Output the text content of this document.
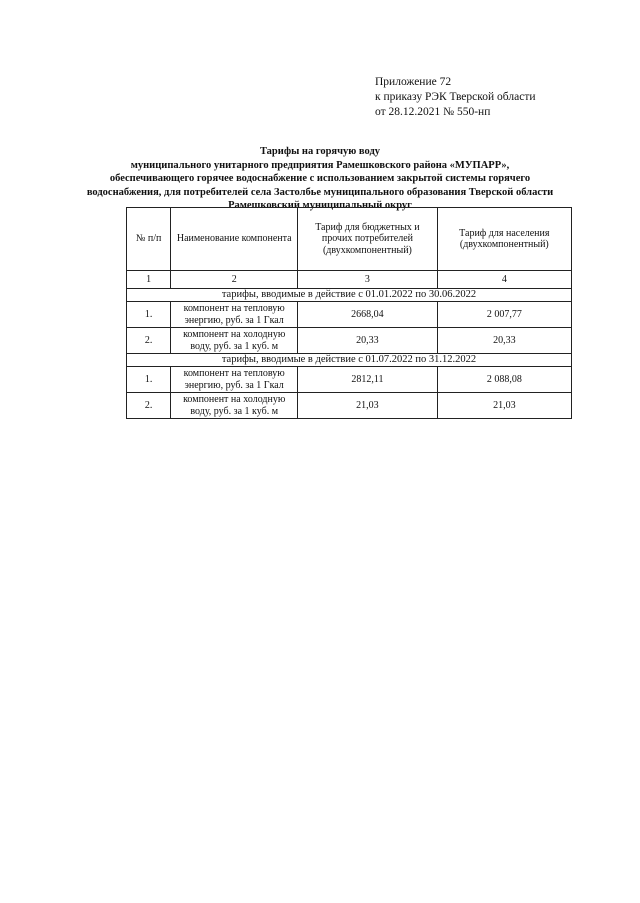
Приложение 72
к приказу РЭК Тверской области
от 28.12.2021 № 550-нп
Тарифы на горячую воду
муниципального унитарного предприятия Рамешковского района «МУПАРР»,
обеспечивающего горячее водоснабжение с использованием закрытой системы горячего
водоснабжения, для потребителей села Застолбье муниципального образования Тверской области
Рамешковский муниципальный округ
№ п/п	Наименование компонента	Тариф для бюджетных и прочих потребителей (двухкомпонентный)	Тариф для населения (двухкомпонентный)
1	2	3	4
тарифы, вводимые в действие с 01.01.2022 по 30.06.2022			
1.	компонент на тепловую энергию, руб. за 1 Гкал	2668,04	2 007,77
2.	компонент на холодную воду, руб. за 1 куб. м	20,33	20,33
тарифы, вводимые в действие с 01.07.2022 по 31.12.2022			
1.	компонент на тепловую энергию, руб. за 1 Гкал	2812,11	2 088,08
2.	компонент на холодную воду, руб. за 1 куб. м	21,03	21,03
